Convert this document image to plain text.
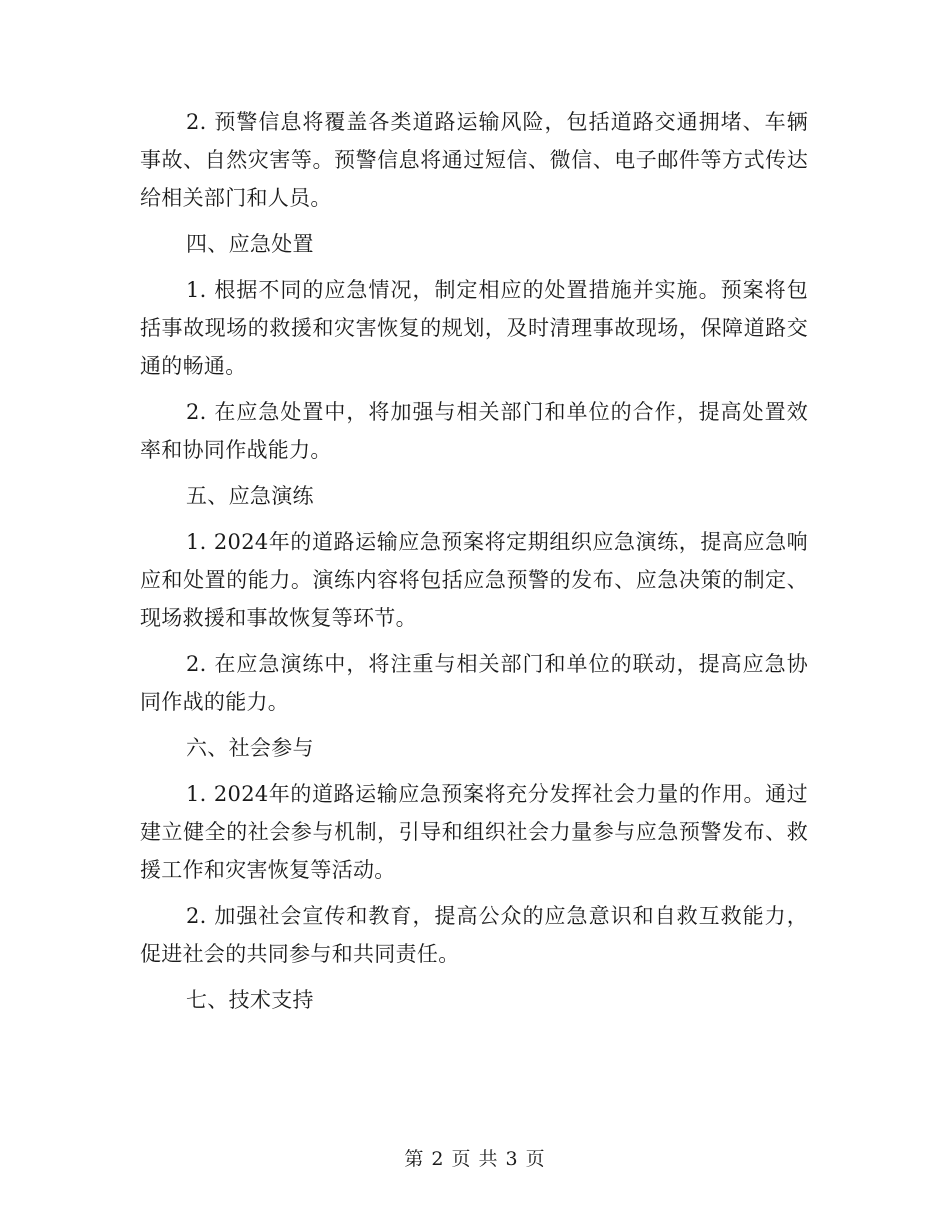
2. 预警信息将覆盖各类道路运输风险，包括道路交通拥堵、车辆事故、自然灾害等。预警信息将通过短信、微信、电子邮件等方式传达给相关部门和人员。

四、应急处置

1. 根据不同的应急情况，制定相应的处置措施并实施。预案将包括事故现场的救援和灾害恢复的规划，及时清理事故现场，保障道路交通的畅通。

2. 在应急处置中，将加强与相关部门和单位的合作，提高处置效率和协同作战能力。

五、应急演练

1. 2024年的道路运输应急预案将定期组织应急演练，提高应急响应和处置的能力。演练内容将包括应急预警的发布、应急决策的制定、现场救援和事故恢复等环节。

2. 在应急演练中，将注重与相关部门和单位的联动，提高应急协同作战的能力。

六、社会参与

1. 2024年的道路运输应急预案将充分发挥社会力量的作用。通过建立健全的社会参与机制，引导和组织社会力量参与应急预警发布、救援工作和灾害恢复等活动。

2. 加强社会宣传和教育，提高公众的应急意识和自救互救能力，促进社会的共同参与和共同责任。

七、技术支持

第 2 页 共 3 页
